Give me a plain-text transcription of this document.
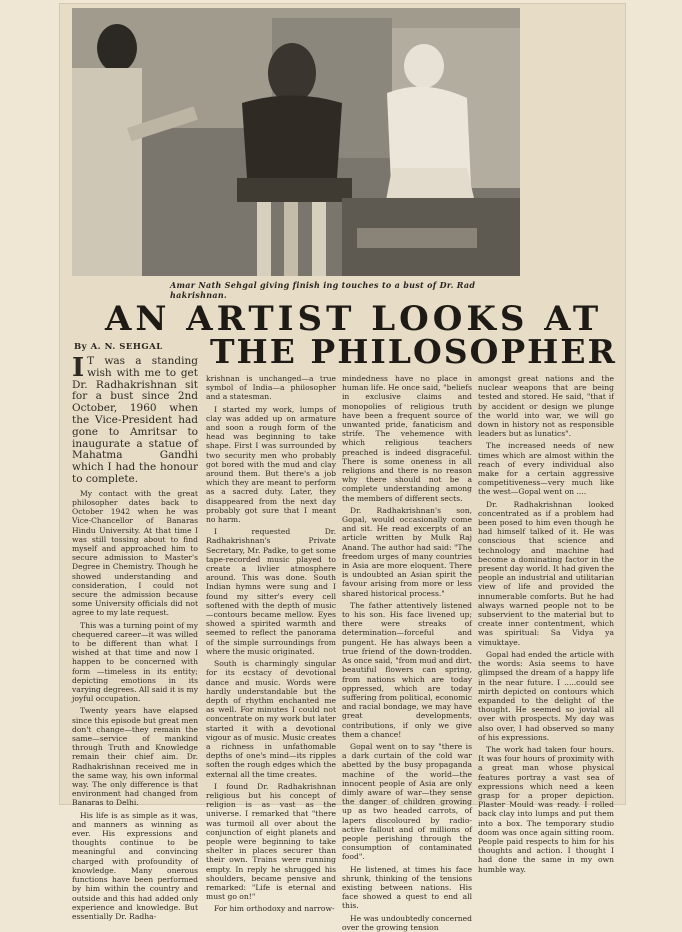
Amar Nath Sehgal giving finish ing touches to a bust of Dr. Rad hakrishnan.
AN ARTIST LOOKS AT
By A. N. SEHGAL	THE PHILOSOPHER

I T was a standing wish with me to get Dr. Radhakrishnan sit for a bust since 2nd October, 1960 when the Vice-President had gone to Amritsar to inaugurate a statue of Mahatma Gandhi which I had the honour to complete.

My contact with the great philosopher dates back to October 1942 when he was Vice-Chancellor of Banaras Hindu University. At that time I was still tossing about to find myself and approached him to secure admission to Master's Degree in Chemistry. Though he showed understanding and consideration, I could not secure the admission because some University officials did not agree to my late request.

This was a turning point of my chequered career—it was willed to be different than what I wished at that time and now I happen to be concerned with form —timeless in its entity; depicting emotions in its varying degrees. All said it is my joyful occupation.

Twenty years have elapsed since this episode but great men don't change—they remain the same—service of mankind through Truth and Knowledge remain their chief aim. Dr. Radhakrishnan received me in the same way, his own informal way. The only difference is that environment had changed from Banaras to Delhi.

His life is as simple as it was, and manners as winning as ever. His expressions and thoughts continue to be meaningful and convincing charged with profoundity of knowledge. Many onerous functions have been performed by him within the country and outside and this had added only experience and knowledge. But essentially Dr. Radha-

krishnan is unchanged—a true symbol of India—a philosopher and a statesman.

I started my work, lumps of clay was added up on armature and soon a rough form of the head was beginning to take shape. First I was surrounded by two security men who probably got bored with the mud and clay around them. But there's a job which they are meant to perform as a sacred duty. Later, they disappeared from the next day probably got sure that I meant no harm.

I requested Dr. Radhakrishnan's Private Secretary, Mr. Padke, to get some tape-recorded music played to create a livlier atmosphere around. This was done. South Indian hymns were sung and I found my sitter's every cell softened with the depth of music—contours became mellow. Eyes showed a spirited warmth and seemed to reflect the panorama of the simple surroundings from where the music originated.

South is charmingly singular for its ecstacy of devotional dance and music. Words were hardly understandable but the depth of rhythm enchanted me as well. For minutes I could not concentrate on my work but later started it with a devotional vigour as of music. Music creates a richness in unfathomable depths of one's mind—its ripples soften the rough edges which the external all the time creates.

I found Dr. Radhakrishnan religious but his concept of religion is as vast as the universe. I remarked that "there was turmoil all over about the conjunction of eight planets and people were beginning to take shelter in places securer than their own. Trains were running empty. In reply he shrugged his shoulders, became pensive and remarked: "Life is eternal and must go on!"

For him orthodoxy and narrow-

mindedness have no place in human life. He once said, "beliefs in exclusive claims and monopolies of religious truth have been a frequent source of unwanted pride, fanaticism and strife. The vehemence with which religious teachers preached is indeed disgraceful. There is some oneness in all religions and there is no reason why there should not be a complete understanding among the members of different sects.

Dr. Radhakrishnan's son, Gopal, would occasionally come and sit. He read excerpts of an article written by Mulk Raj Anand. The author had said: "The freedom urges of many countries in Asia are more eloquent. There is undoubted an Asian spirit the favour arising from more or less shared historical process."

The father attentively listened to his son. His face livened up; there were streaks of determination—forceful and pungent. He has always been a true friend of the down-trodden. As once said, "from mud and dirt, beautiful flowers can spring, from nations which are today oppressed, which are today suffering from political, economic and racial bondage, we may have great developments, contributions, if only we give them a chance!

Gopal went on to say "there is a dark curtain of the cold war abetted by the busy propaganda machine of the world—the innocent people of Asia are only dimly aware of war—they sense the danger of children growing up as two headed carrots, of lapers discoloured by radio-active fallout and of millions of people perishing through the consumption of contaminated food".

He listened, at times his face shrunk, thinking of the tensions existing between nations. His face showed a quest to end all this.

He was undoubtedly concerned over the growing tension

amongst great nations and the nuclear weapons that are being tested and stored. He said, "that if by accident or design we plunge the world into war, we will go down in history not as responsible leaders but as lunatics".

The increased needs of new times which are almost within the reach of every individual also make for a certain aggressive competitiveness—very much like the west—Gopal went on ....

Dr. Radhakrishnan looked concentrated as if a problem had been posed to him even though he had himself talked of it. He was conscious that science and technology and machine had become a dominating factor in the present day world. It had given the people an industrial and utilitarian view of life and provided the innumerable comforts. But he had always warned people not to be subservient to the material but to create inner contentment, which was spiritual: Sa Vidya ya vimuktaye.

Gopal had ended the article with the words: Asia seems to have glimpsed the dream of a happy life in the near future. I .....could see mirth depicted on contours which expanded to the delight of the thought. He seemed so jovial all over with prospects. My day was also over, I had observed so many of his expressions.

The work had taken four hours. It was four hours of proximity with a great man whose physical features portray a vast sea of expressions which need a keen grasp for a proper depiction. Plaster Mould was ready. I rolled back clay into lumps and put them into a box. The temporary studio doom was once again sitting room. People paid respects to him for his thoughts and action. I thought I had done the same in my own humble way.
